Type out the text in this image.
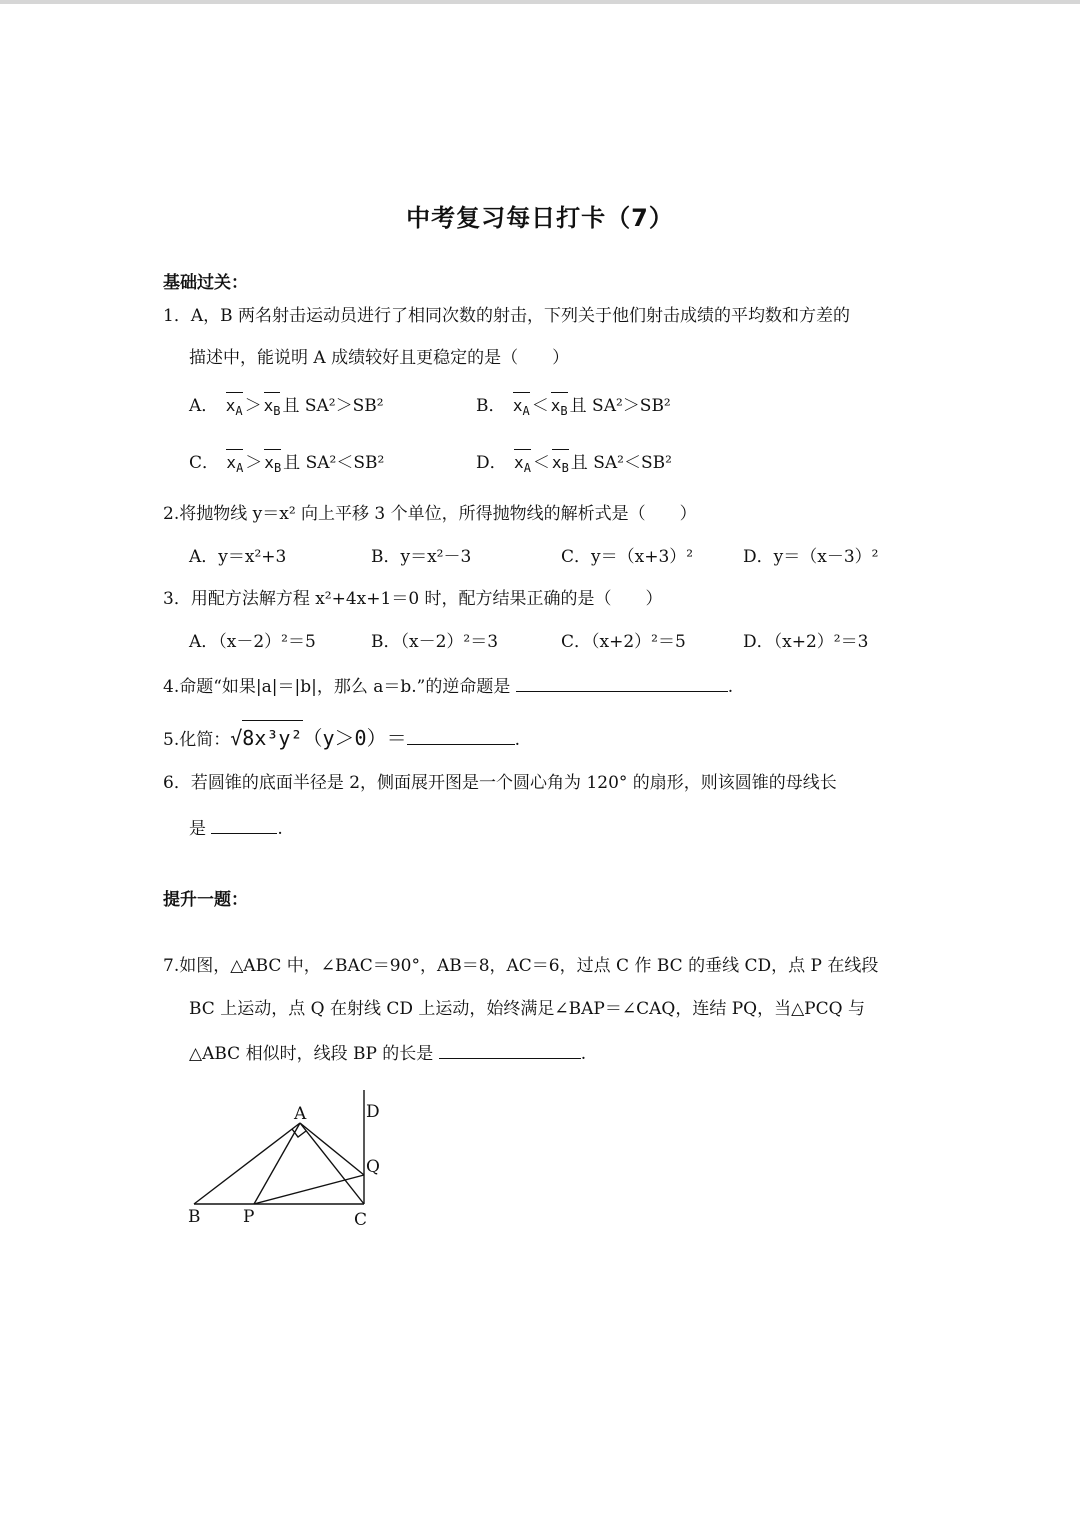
中考复习每日打卡（7）
基础过关：
1．A，B 两名射击运动员进行了相同次数的射击，下列关于他们射击成绩的平均数和方差的
描述中，能说明 A 成绩较好且更稳定的是（　　）
A． $x_A > x_B$ 且 SA²＞SB²	B． $x_A < x_B$ 且 SA²＞SB²
C． $x_A > x_B$ 且 SA²＜SB²	D． $x_A < x_B$ 且 SA²＜SB²
2.将抛物线 y＝x² 向上平移 3 个单位，所得抛物线的解析式是（　　）
A．y＝x²+3	B．y＝x²－3	C．y＝（x+3）²	D．y＝（x－3）²
3．用配方法解方程 x²+4x+1＝0 时，配方结果正确的是（　　）
A．（x－2）²＝5	B．（x－2）²＝3	C．（x+2）²＝5	D．（x+2）²＝3
4.命题“如果|a|＝|b|，那么 a＝b.”的逆命题是	.
5.化简：√8x³y²（y＞0）＝	.
6．若圆锥的底面半径是 2，侧面展开图是一个圆心角为 120° 的扇形，则该圆锥的母线长
是	.
提升一题：
7.如图，△ABC 中，∠BAC＝90°，AB＝8，AC＝6，过点 C 作 BC 的垂线 CD，点 P 在线段
BC 上运动，点 Q 在射线 CD 上运动，始终满足∠BAP＝∠CAQ，连结 PQ，当△PCQ 与
△ABC 相似时，线段 BP 的长是	.
A
B	C
D
P
Q
